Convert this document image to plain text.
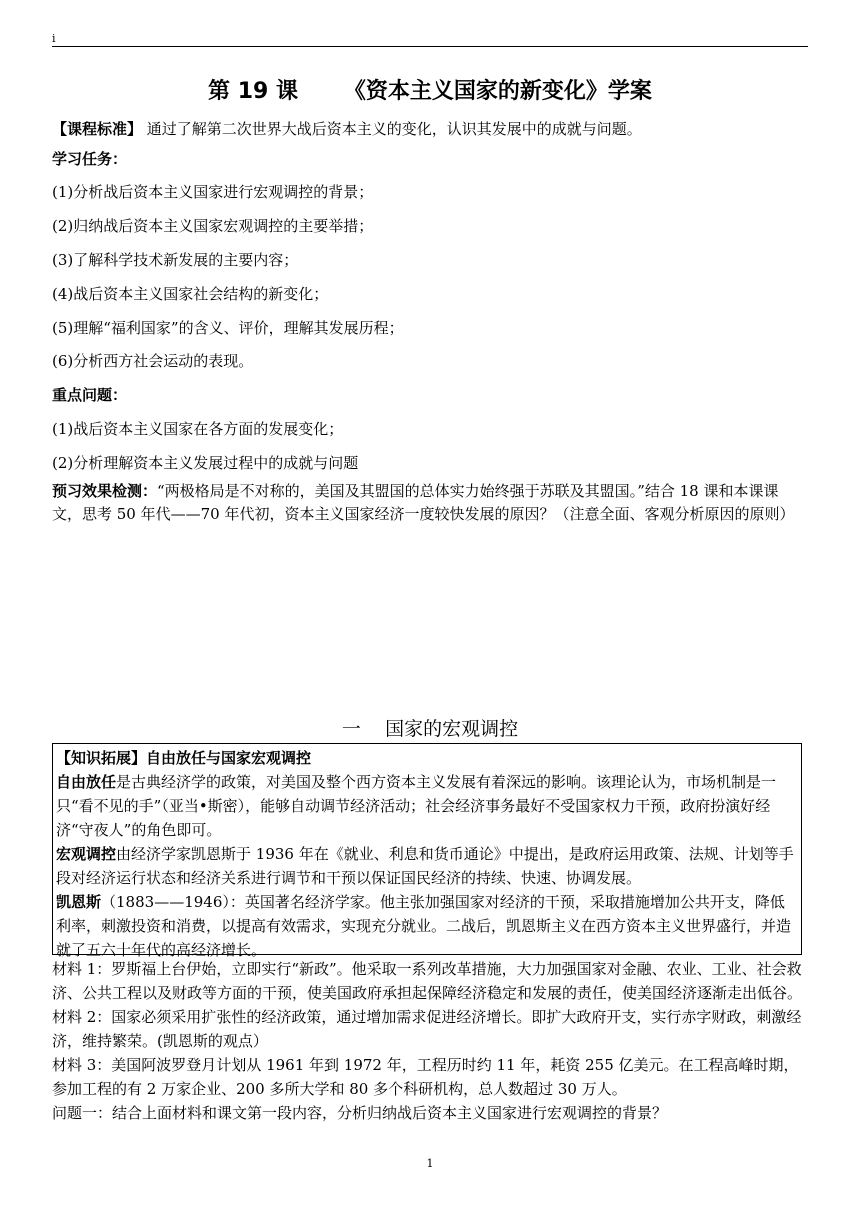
i
第 19 课      《资本主义国家的新变化》学案
【课程标准】 通过了解第二次世界大战后资本主义的变化，认识其发展中的成就与问题。
学习任务：
(1)分析战后资本主义国家进行宏观调控的背景；
(2)归纳战后资本主义国家宏观调控的主要举措；
(3)了解科学技术新发展的主要内容；
(4)战后资本主义国家社会结构的新变化；
(5)理解“福利国家”的含义、评价，理解其发展历程；
(6)分析西方社会运动的表现。
重点问题：
(1)战后资本主义国家在各方面的发展变化；
(2)分析理解资本主义发展过程中的成就与问题
预习效果检测：“两极格局是不对称的，美国及其盟国的总体实力始终强于苏联及其盟国。”结合 18 课和本课课文，思考 50 年代——70 年代初，资本主义国家经济一度较快发展的原因？（注意全面、客观分析原因的原则）
一    国家的宏观调控

【知识拓展】自由放任与国家宏观调控

自由放任是古典经济学的政策，对美国及整个西方资本主义发展有着深远的影响。该理论认为，市场机制是一只“看不见的手”（亚当•斯密），能够自动调节经济活动；社会经济事务最好不受国家权力干预，政府扮演好经济“守夜人”的角色即可。

宏观调控由经济学家凯恩斯于 1936 年在《就业、利息和货币通论》中提出，是政府运用政策、法规、计划等手段对经济运行状态和经济关系进行调节和干预以保证国民经济的持续、快速、协调发展。

凯恩斯（1883——1946）：英国著名经济学家。他主张加强国家对经济的干预，采取措施增加公共开支，降低利率，刺激投资和消费，以提高有效需求，实现充分就业。二战后，凯恩斯主义在西方资本主义世界盛行，并造就了五六十年代的高经济增长。

材料 1：罗斯福上台伊始，立即实行“新政”。他采取一系列改革措施，大力加强国家对金融、农业、工业、社会救济、公共工程以及财政等方面的干预，使美国政府承担起保障经济稳定和发展的责任，使美国经济逐渐走出低谷。

材料 2：国家必须采用扩张性的经济政策，通过增加需求促进经济增长。即扩大政府开支，实行赤字财政，刺激经济，维持繁荣。(凯恩斯的观点）

材料 3：美国阿波罗登月计划从 1961 年到 1972 年，工程历时约 11 年，耗资 255 亿美元。在工程高峰时期，参加工程的有 2 万家企业、200 多所大学和 80 多个科研机构，总人数超过 30 万人。

问题一：结合上面材料和课文第一段内容，分析归纳战后资本主义国家进行宏观调控的背景？

1
